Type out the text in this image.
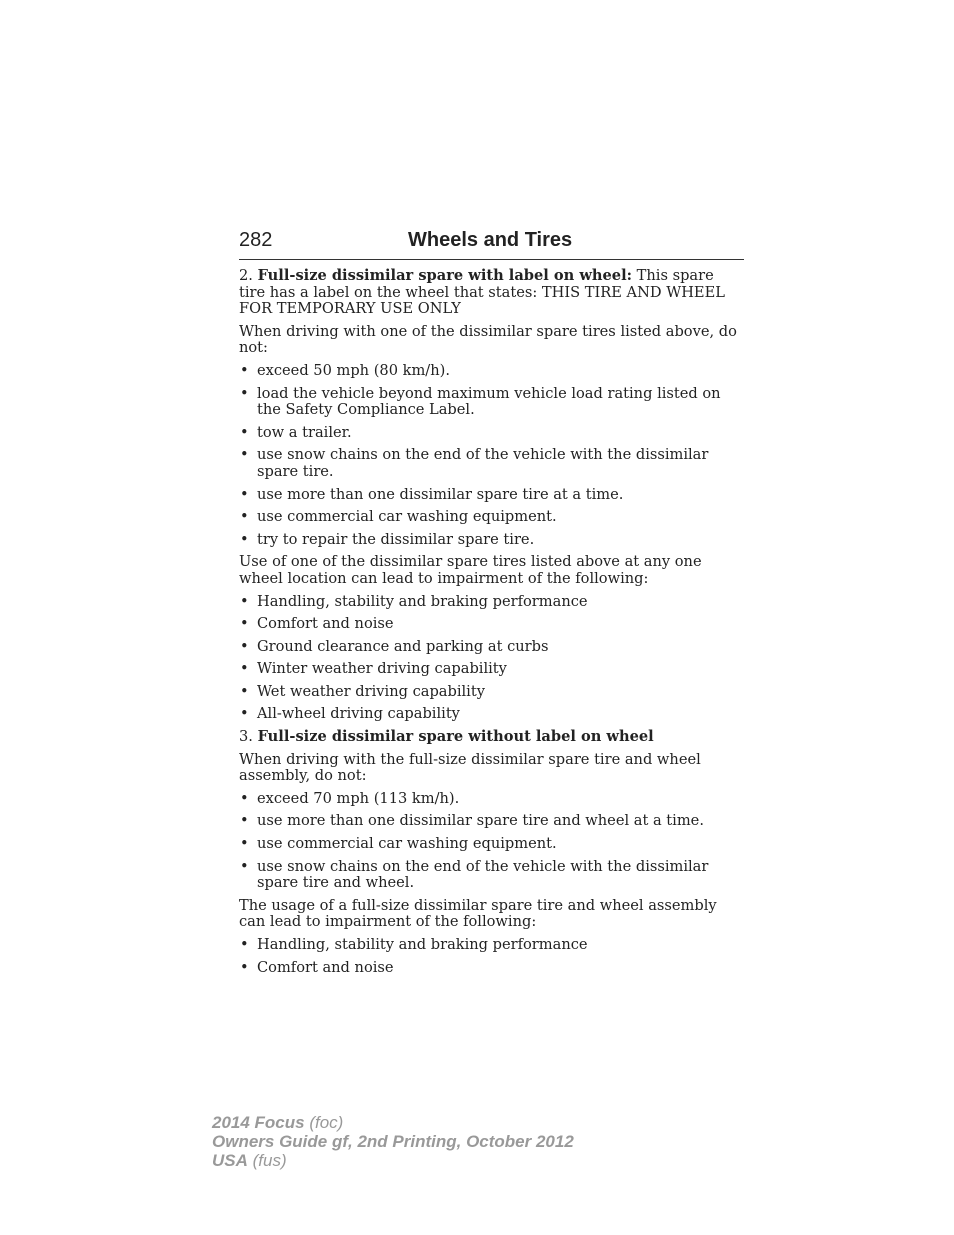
282	Wheels and Tires

2. Full-size dissimilar spare with label on wheel: This spare tire has a label on the wheel that states: THIS TIRE AND WHEEL FOR TEMPORARY USE ONLY

When driving with one of the dissimilar spare tires listed above, do not:

• exceed 50 mph (80 km/h).
• load the vehicle beyond maximum vehicle load rating listed on the Safety Compliance Label.
• tow a trailer.
• use snow chains on the end of the vehicle with the dissimilar spare tire.
• use more than one dissimilar spare tire at a time.
• use commercial car washing equipment.
• try to repair the dissimilar spare tire.

Use of one of the dissimilar spare tires listed above at any one wheel location can lead to impairment of the following:

• Handling, stability and braking performance
• Comfort and noise
• Ground clearance and parking at curbs
• Winter weather driving capability
• Wet weather driving capability
• All-wheel driving capability

3. Full-size dissimilar spare without label on wheel

When driving with the full-size dissimilar spare tire and wheel assembly, do not:

• exceed 70 mph (113 km/h).
• use more than one dissimilar spare tire and wheel at a time.
• use commercial car washing equipment.
• use snow chains on the end of the vehicle with the dissimilar spare tire and wheel.

The usage of a full-size dissimilar spare tire and wheel assembly can lead to impairment of the following:

• Handling, stability and braking performance
• Comfort and noise
2014 Focus (foc)
Owners Guide gf, 2nd Printing, October 2012
USA (fus)
